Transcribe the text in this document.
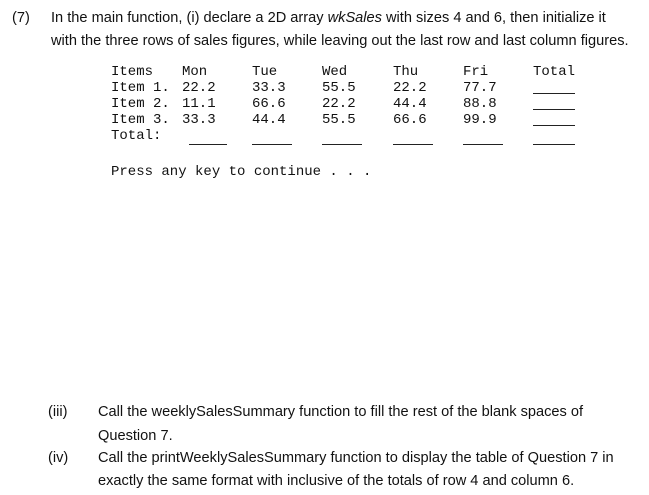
(7) In the main function, (i) declare a 2D array wkSales with sizes 4 and 6, then initialize it
with the three rows of sales figures, while leaving out the last row and last column figures.
Items Mon	Tue	Wed	Thu	Fri	Total
Item 1. 22.2	33.3	55.5	22.2	77.7
Item 2. 11.1	66.6	22.2	44.4	88.8
Item 3. 33.3	44.4	55.5	66.6	99.9
Total:
Press any key to continue . . .
(iii) Call the weeklySalesSummary function to fill the rest of the blank spaces of
Question 7.
(iv) Call the printWeeklySalesSummary function to display the table of Question 7 in
exactly the same format with inclusive of the totals of row 4 and column 6.
